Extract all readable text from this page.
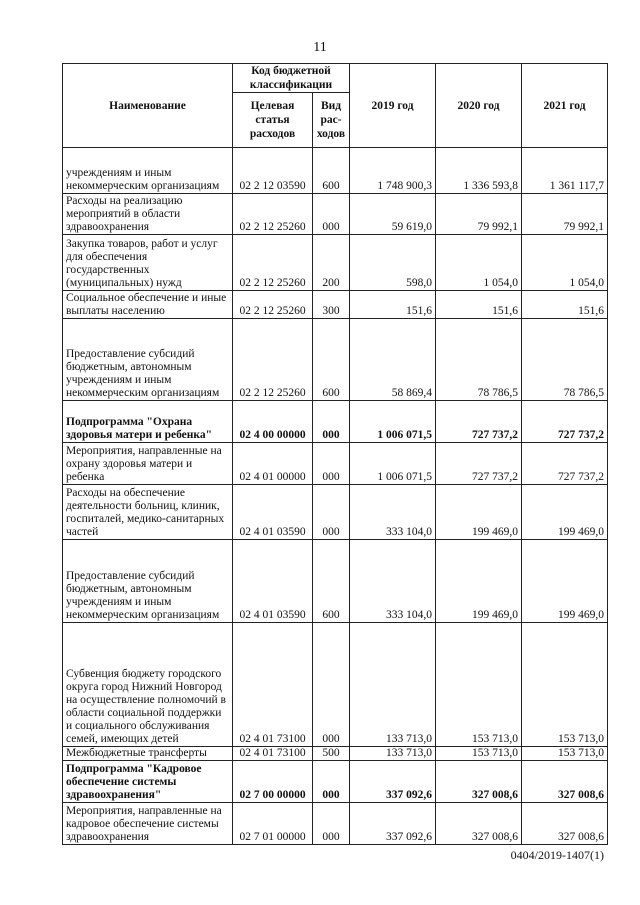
11
Наименование	Код бюджетной классификации		2019 год	2020 год	2021 год
	Целевая статья расходов	Вид рас-ходов			
учреждениям и иным некоммерческим организациям	02 2 12 03590	600	1 748 900,3	1 336 593,8	1 361 117,7
Расходы на реализацию мероприятий в области здравоохранения	02 2 12 25260	000	59 619,0	79 992,1	79 992,1
Закупка товаров, работ и услуг для обеспечения государственных (муниципальных) нужд	02 2 12 25260	200	598,0	1 054,0	1 054,0
Социальное обеспечение и иные выплаты населению	02 2 12 25260	300	151,6	151,6	151,6
Предоставление субсидий бюджетным, автономным учреждениям и иным некоммерческим организациям	02 2 12 25260	600	58 869,4	78 786,5	78 786,5
Подпрограмма "Охрана здоровья матери и ребенка"	02 4 00 00000	000	1 006 071,5	727 737,2	727 737,2
Мероприятия, направленные на охрану здоровья матери и ребенка	02 4 01 00000	000	1 006 071,5	727 737,2	727 737,2
Расходы на обеспечение деятельности больниц, клиник, госпиталей, медико-санитарных частей	02 4 01 03590	000	333 104,0	199 469,0	199 469,0
Предоставление субсидий бюджетным, автономным учреждениям и иным некоммерческим организациям	02 4 01 03590	600	333 104,0	199 469,0	199 469,0
Субвенция бюджету городского округа город Нижний Новгород на осуществление полномочий в области социальной поддержки и социального обслуживания семей, имеющих детей	02 4 01 73100	000	133 713,0	153 713,0	153 713,0
Межбюджетные трансферты	02 4 01 73100	500	133 713,0	153 713,0	153 713,0
Подпрограмма "Кадровое обеспечение системы здравоохранения"	02 7 00 00000	000	337 092,6	327 008,6	327 008,6
Мероприятия, направленные на кадровое обеспечение системы здравоохранения	02 7 01 00000	000	337 092,6	327 008,6	327 008,6
0404/2019-1407(1)
